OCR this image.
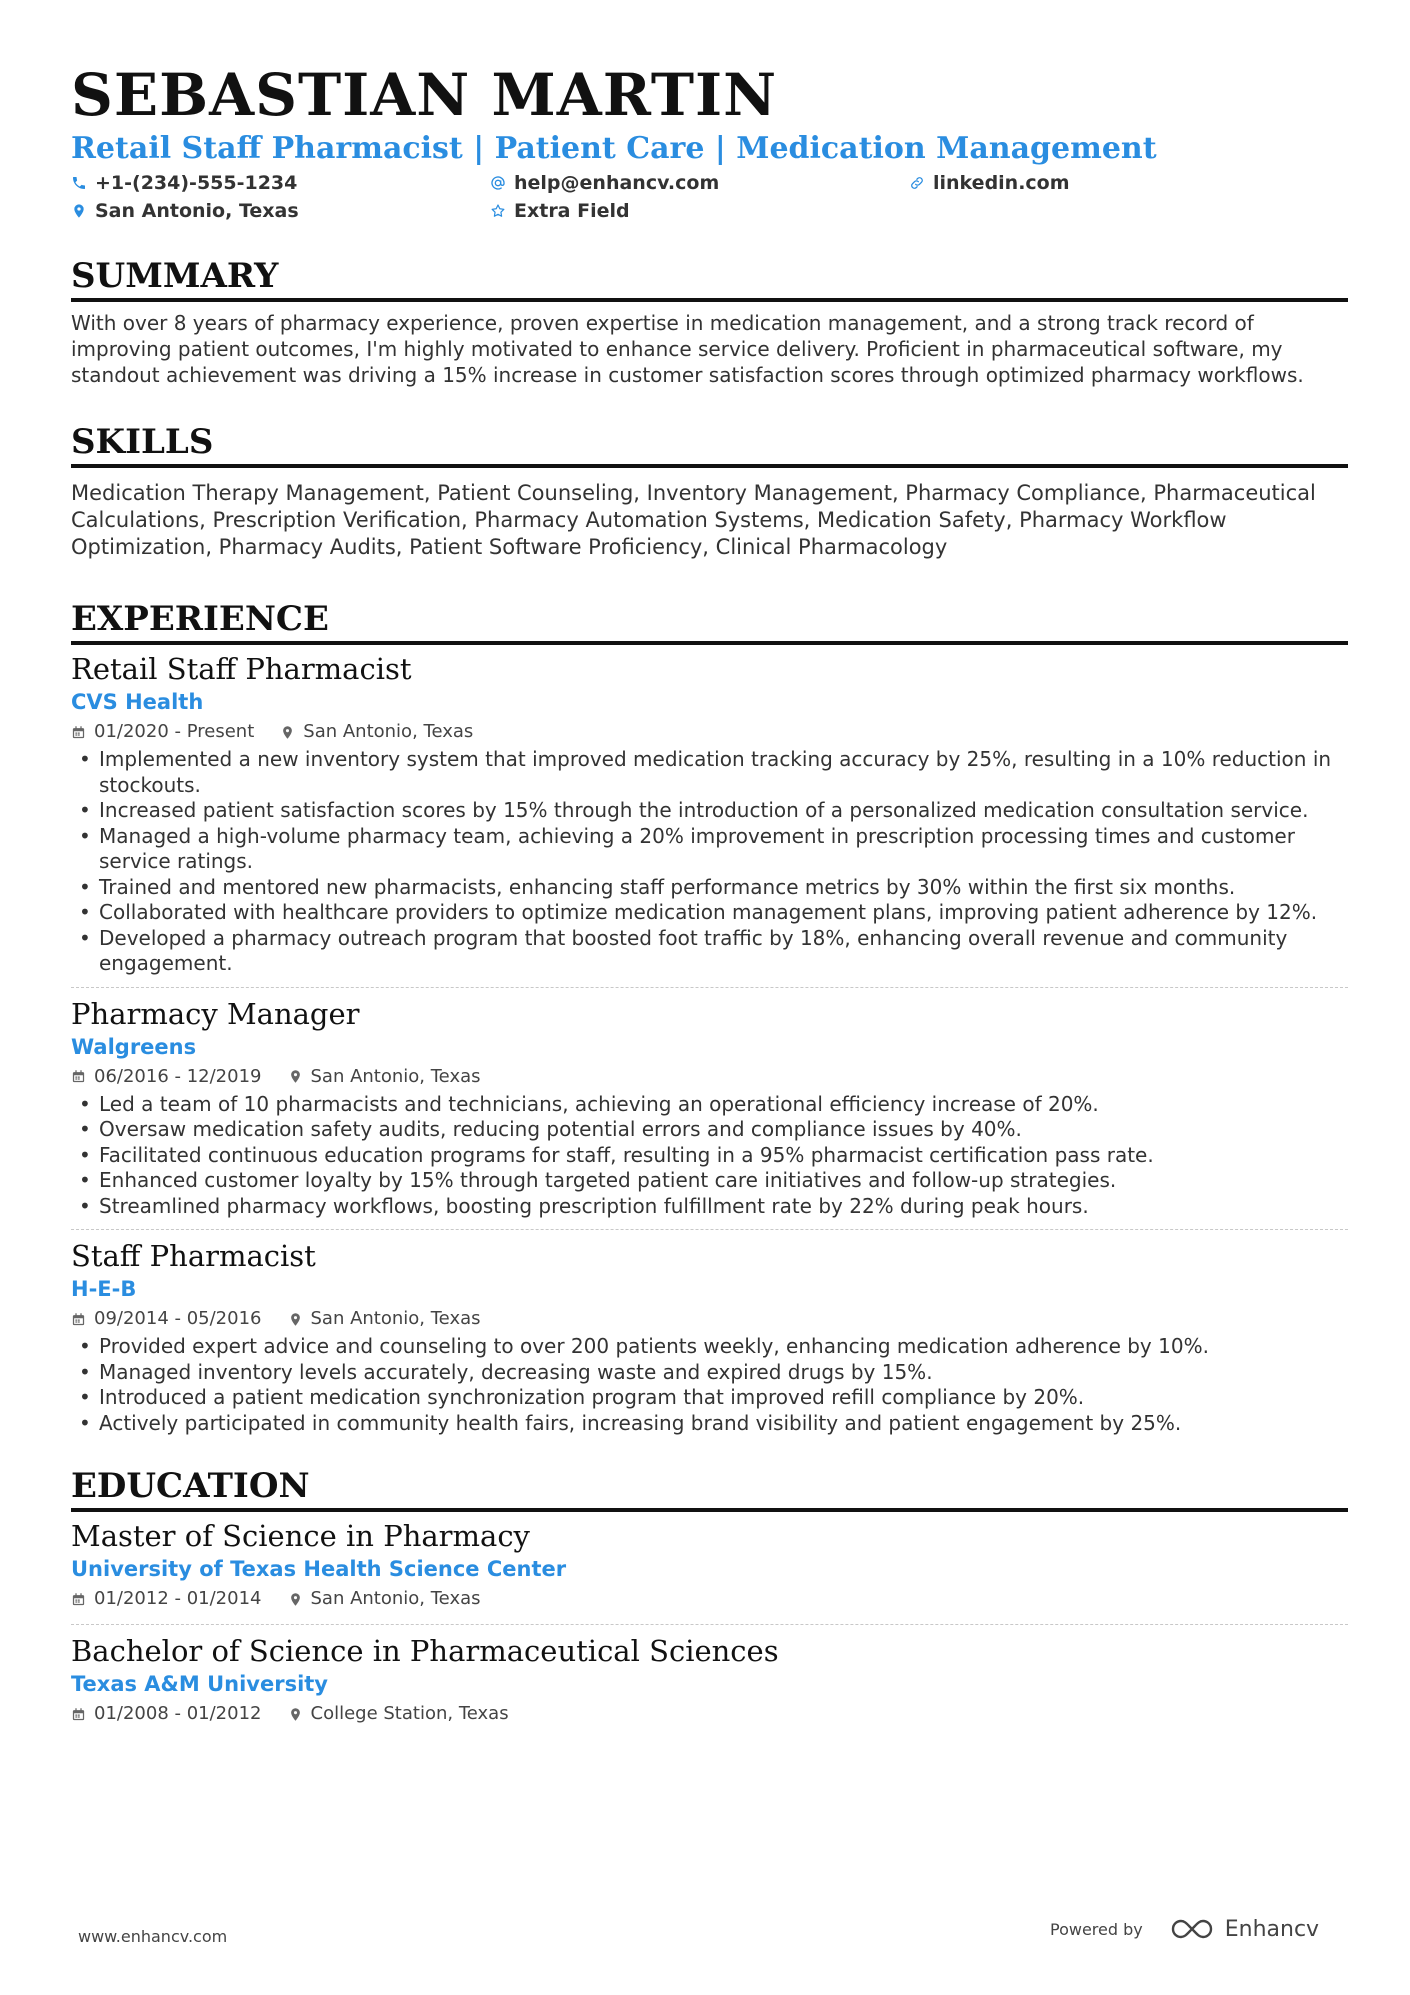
SEBASTIAN MARTIN
Retail Staff Pharmacist | Patient Care | Medication Management
+1-(234)-555-1234	help@enhancv.com	linkedin.com
San Antonio, Texas	Extra Field
SUMMARY
With over 8 years of pharmacy experience, proven expertise in medication management, and a strong track record of improving patient outcomes, I'm highly motivated to enhance service delivery. Proficient in pharmaceutical software, my standout achievement was driving a 15% increase in customer satisfaction scores through optimized pharmacy workflows.
SKILLS
Medication Therapy Management, Patient Counseling, Inventory Management, Pharmacy Compliance, Pharmaceutical Calculations, Prescription Verification, Pharmacy Automation Systems, Medication Safety, Pharmacy Workflow Optimization, Pharmacy Audits, Patient Software Proficiency, Clinical Pharmacology
EXPERIENCE
Retail Staff Pharmacist
CVS Health
01/2020 - Present	San Antonio, Texas
• Implemented a new inventory system that improved medication tracking accuracy by 25%, resulting in a 10% reduction in stockouts.
• Increased patient satisfaction scores by 15% through the introduction of a personalized medication consultation service.
• Managed a high-volume pharmacy team, achieving a 20% improvement in prescription processing times and customer service ratings.
• Trained and mentored new pharmacists, enhancing staff performance metrics by 30% within the first six months.
• Collaborated with healthcare providers to optimize medication management plans, improving patient adherence by 12%.
• Developed a pharmacy outreach program that boosted foot traffic by 18%, enhancing overall revenue and community engagement.
Pharmacy Manager
Walgreens
06/2016 - 12/2019	San Antonio, Texas
• Led a team of 10 pharmacists and technicians, achieving an operational efficiency increase of 20%.
• Oversaw medication safety audits, reducing potential errors and compliance issues by 40%.
• Facilitated continuous education programs for staff, resulting in a 95% pharmacist certification pass rate.
• Enhanced customer loyalty by 15% through targeted patient care initiatives and follow-up strategies.
• Streamlined pharmacy workflows, boosting prescription fulfillment rate by 22% during peak hours.
Staff Pharmacist
H-E-B
09/2014 - 05/2016	San Antonio, Texas
• Provided expert advice and counseling to over 200 patients weekly, enhancing medication adherence by 10%.
• Managed inventory levels accurately, decreasing waste and expired drugs by 15%.
• Introduced a patient medication synchronization program that improved refill compliance by 20%.
• Actively participated in community health fairs, increasing brand visibility and patient engagement by 25%.
EDUCATION
Master of Science in Pharmacy
University of Texas Health Science Center
01/2012 - 01/2014	San Antonio, Texas
Bachelor of Science in Pharmaceutical Sciences
Texas A&M University
01/2008 - 01/2012	College Station, Texas
www.enhancv.com	Powered by	Enhancv
